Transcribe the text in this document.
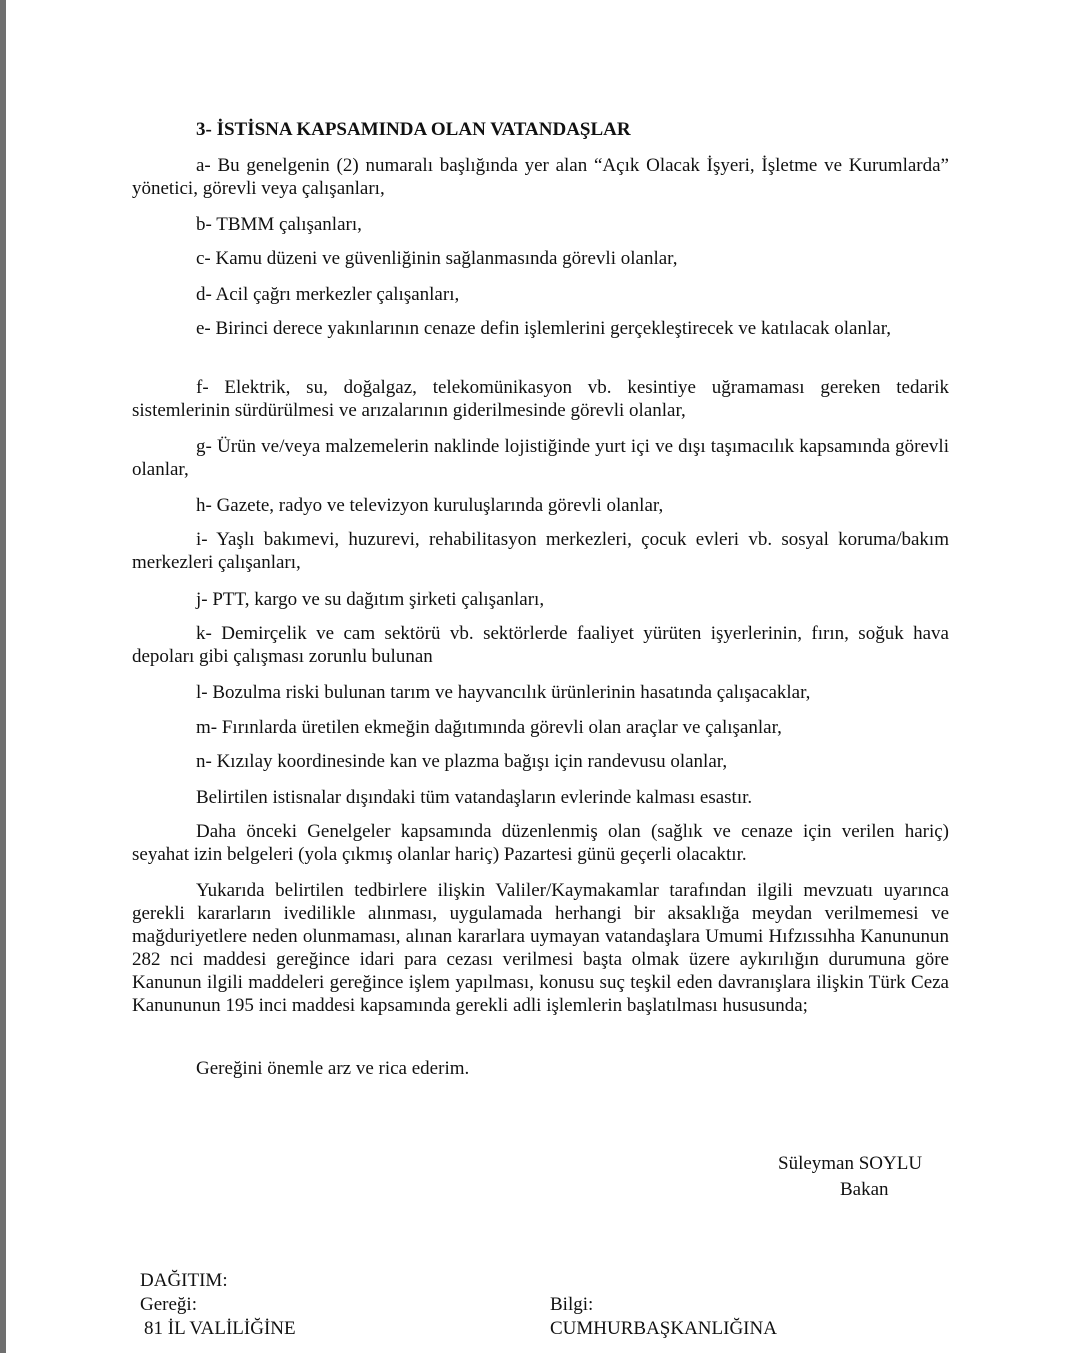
3- İSTİSNA KAPSAMINDA OLAN VATANDAŞLAR
a- Bu genelgenin (2) numaralı başlığında yer alan “Açık Olacak İşyeri, İşletme ve Kurumlarda” yönetici, görevli veya çalışanları,
b- TBMM çalışanları,
c- Kamu düzeni ve güvenliğinin sağlanmasında görevli olanlar,
d- Acil çağrı merkezler çalışanları,
e- Birinci derece yakınlarının cenaze defin işlemlerini gerçekleştirecek ve katılacak olanlar,
f- Elektrik, su, doğalgaz, telekomünikasyon vb. kesintiye uğramaması gereken tedarik sistemlerinin sürdürülmesi ve arızalarının giderilmesinde görevli olanlar,
g- Ürün ve/veya malzemelerin naklinde lojistiğinde yurt içi ve dışı taşımacılık kapsamında görevli olanlar,
h- Gazete, radyo ve televizyon kuruluşlarında görevli olanlar,
i- Yaşlı bakımevi, huzurevi, rehabilitasyon merkezleri, çocuk evleri vb. sosyal koruma/bakım merkezleri çalışanları,
j- PTT, kargo ve su dağıtım şirketi çalışanları,
k- Demirçelik ve cam sektörü vb. sektörlerde faaliyet yürüten işyerlerinin, fırın, soğuk hava depoları gibi çalışması zorunlu bulunan
l- Bozulma riski bulunan tarım ve hayvancılık ürünlerinin hasatında çalışacaklar,
m- Fırınlarda üretilen ekmeğin dağıtımında görevli olan araçlar ve çalışanlar,
n- Kızılay koordinesinde kan ve plazma bağışı için randevusu olanlar,
Belirtilen istisnalar dışındaki tüm vatandaşların evlerinde kalması esastır.
Daha önceki Genelgeler kapsamında düzenlenmiş olan (sağlık ve cenaze için verilen hariç) seyahat izin belgeleri (yola çıkmış olanlar hariç) Pazartesi günü geçerli olacaktır.
Yukarıda belirtilen tedbirlere ilişkin Valiler/Kaymakamlar tarafından ilgili mevzuatı uyarınca gerekli kararların ivedilikle alınması, uygulamada herhangi bir aksaklığa meydan verilmemesi ve mağduriyetlere neden olunmaması, alınan kararlara uymayan vatandaşlara Umumi Hıfzıssıhha Kanununun 282 nci maddesi gereğince idari para cezası verilmesi başta olmak üzere aykırılığın durumuna göre Kanunun ilgili maddeleri gereğince işlem yapılması, konusu suç teşkil eden davranışlara ilişkin Türk Ceza Kanununun 195 inci maddesi kapsamında gerekli adli işlemlerin başlatılması hususunda;
Gereğini önemle arz ve rica ederim.
Süleyman SOYLU
Bakan
DAĞITIM:
Gereği:
81 İL VALİLİĞİNE
Bilgi:
CUMHURBAŞKANLIĞINA
